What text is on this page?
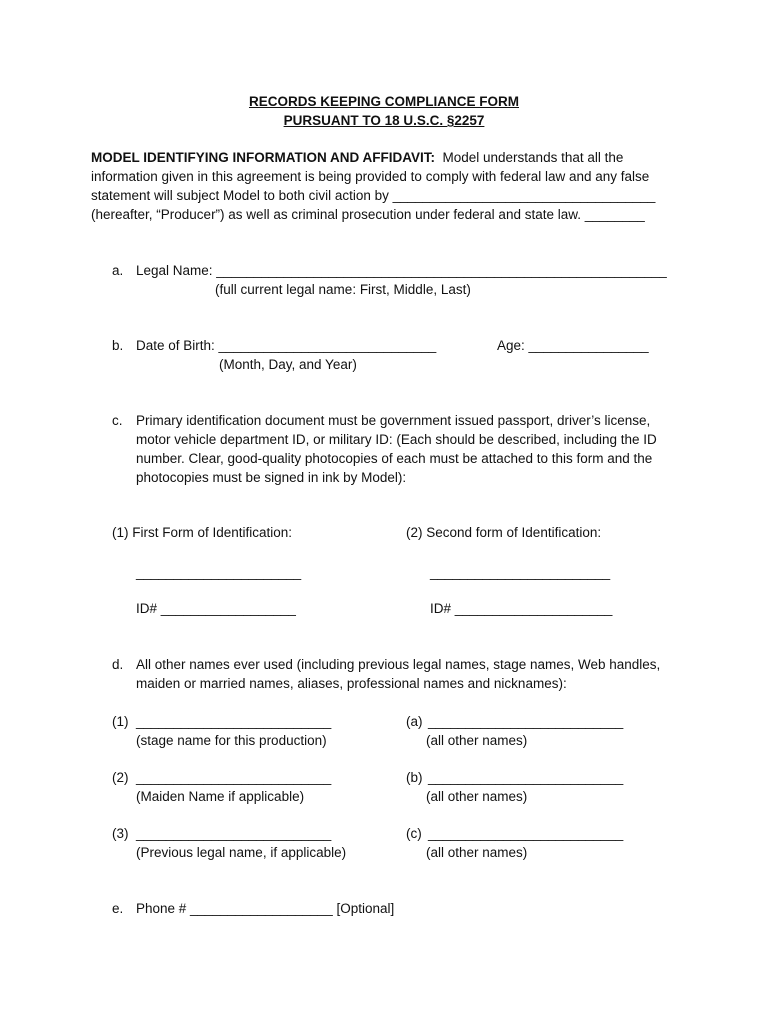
RECORDS KEEPING COMPLIANCE FORM
PURSUANT TO 18 U.S.C. §2257
MODEL IDENTIFYING INFORMATION AND AFFIDAVIT: Model understands that all the
information given in this agreement is being provided to comply with federal law and any false
statement will subject Model to both civil action by ___________________________________
(hereafter, “Producer”) as well as criminal prosecution under federal and state law. ________
a. Legal Name: ____________________________________________________________
(full current legal name: First, Middle, Last)
b. Date of Birth: _____________________________	Age: ________________
(Month, Day, and Year)
c. Primary identification document must be government issued passport, driver’s license,
motor vehicle department ID, or military ID: (Each should be described, including the ID
number. Clear, good-quality photocopies of each must be attached to this form and the
photocopies must be signed in ink by Model):
(1) First Form of Identification:	(2) Second form of Identification:
______________________	________________________
ID# __________________	ID# _____________________
d. All other names ever used (including previous legal names, stage names, Web handles,
maiden or married names, aliases, professional names and nicknames):
(1) __________________________
(stage name for this production)
(a) __________________________
(all other names)
(2) __________________________
(Maiden Name if applicable)
(b) __________________________
(all other names)
(3) __________________________
(Previous legal name, if applicable)
(c) __________________________
(all other names)
e. Phone # ___________________ [Optional]
